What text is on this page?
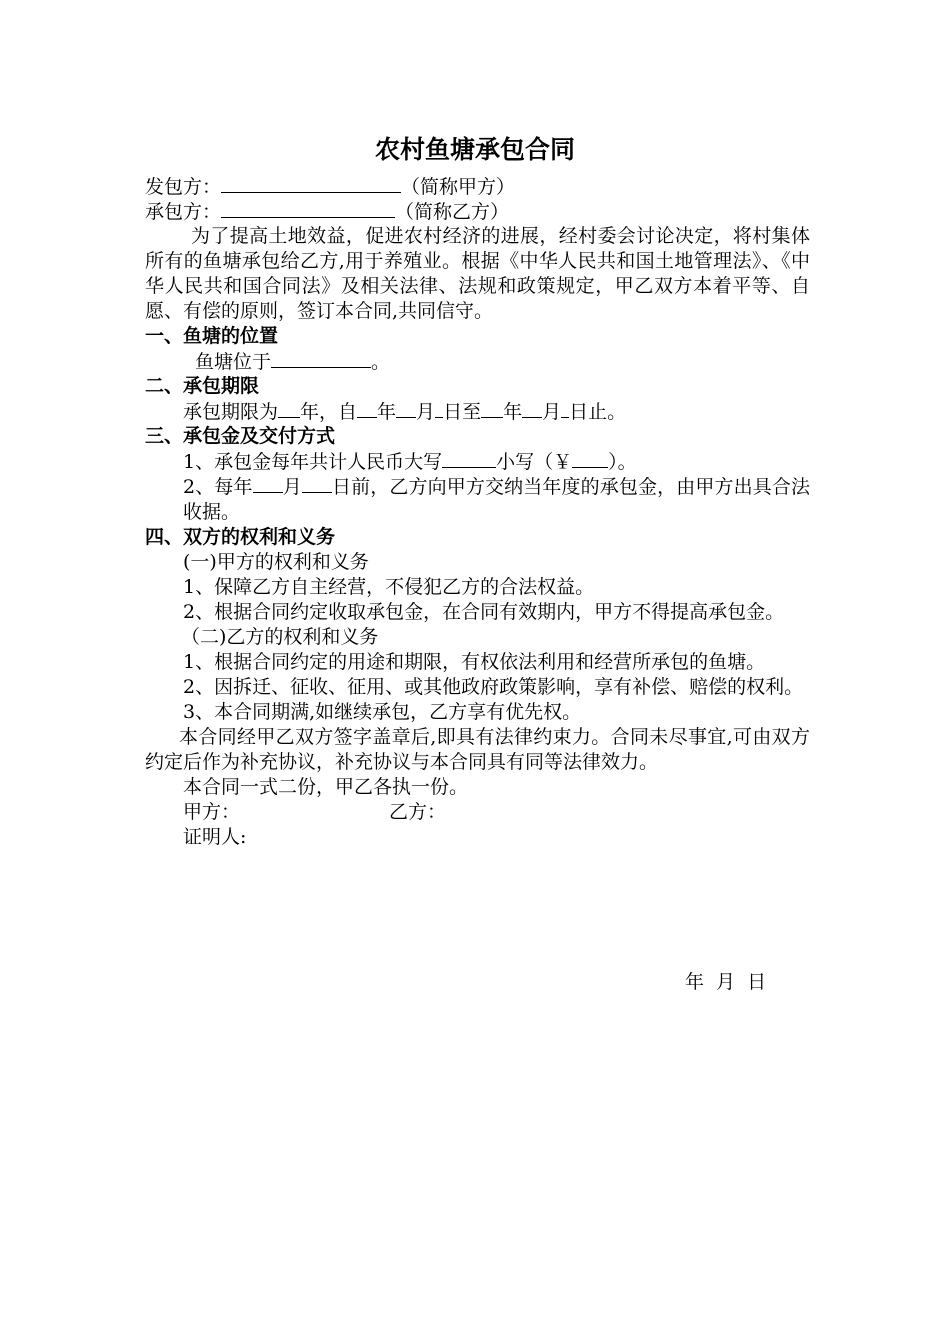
农村鱼塘承包合同
发包方：	（简称甲方）
承包方：	（简称乙方）
为了提高土地效益，促进农村经济的进展，经村委会讨论决定，将村集体所有的鱼塘承包给乙方,用于养殖业。根据《中华人民共和国土地管理法》、《中华人民共和国合同法》及相关法律、法规和政策规定，甲乙双方本着平等、自愿、有偿的原则，签订本合同,共同信守。
一、鱼塘的位置
鱼塘位于	。
二、承包期限
承包期限为 年，自 年 月 日至 年 月 日止。
三、承包金及交付方式
1、承包金每年共计人民币大写	小写（￥ ）。
2、每年 月 日前，乙方向甲方交纳当年度的承包金，由甲方出具合法收据。
四、双方的权利和义务
(一)甲方的权利和义务
1、保障乙方自主经营，不侵犯乙方的合法权益。
2、根据合同约定收取承包金，在合同有效期内，甲方不得提高承包金。
（二)乙方的权利和义务
1、根据合同约定的用途和期限，有权依法利用和经营所承包的鱼塘。
2、因拆迁、征收、征用、或其他政府政策影响，享有补偿、赔偿的权利。
3、本合同期满,如继续承包，乙方享有优先权。
本合同经甲乙双方签字盖章后,即具有法律约束力。合同未尽事宜,可由双方约定后作为补充协议，补充协议与本合同具有同等法律效力。
本合同一式二份，甲乙各执一份。
甲方：	乙方：
证明人:
年  月  日
